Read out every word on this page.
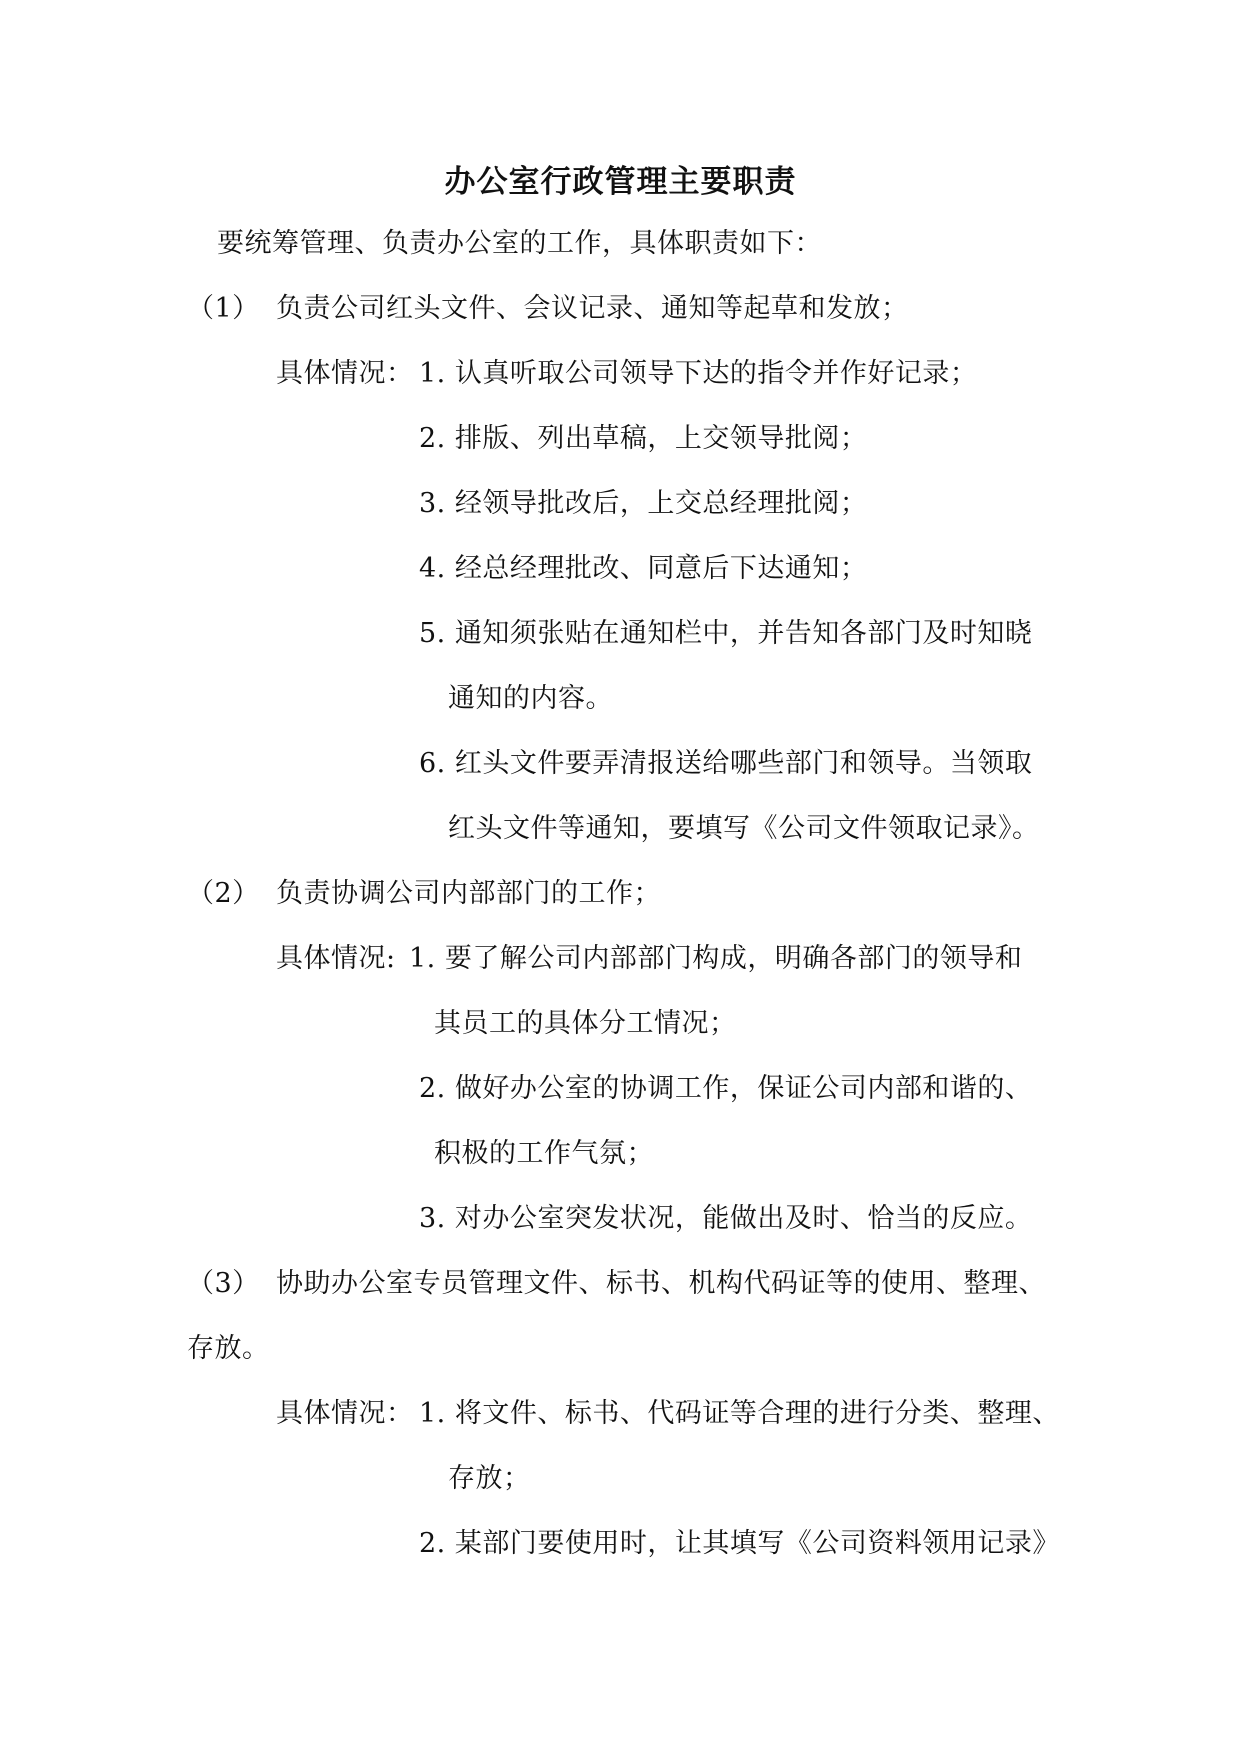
办公室行政管理主要职责
要统筹管理、负责办公室的工作，具体职责如下：
（1） 负责公司红头文件、会议记录、通知等起草和发放；
具体情况： 1. 认真听取公司领导下达的指令并作好记录；
2. 排版、列出草稿，上交领导批阅；
3. 经领导批改后，上交总经理批阅；
4. 经总经理批改、同意后下达通知；
5. 通知须张贴在通知栏中，并告知各部门及时知晓
通知的内容。
6. 红头文件要弄清报送给哪些部门和领导。当领取
红头文件等通知，要填写《公司文件领取记录》。
（2） 负责协调公司内部部门的工作；
具体情况: 1. 要了解公司内部部门构成，明确各部门的领导和
其员工的具体分工情况；
2. 做好办公室的协调工作，保证公司内部和谐的、
积极的工作气氛；
3. 对办公室突发状况，能做出及时、恰当的反应。
（3） 协助办公室专员管理文件、标书、机构代码证等的使用、整理、
存放。
具体情况： 1. 将文件、标书、代码证等合理的进行分类、整理、
存放；
2. 某部门要使用时，让其填写《公司资料领用记录》
